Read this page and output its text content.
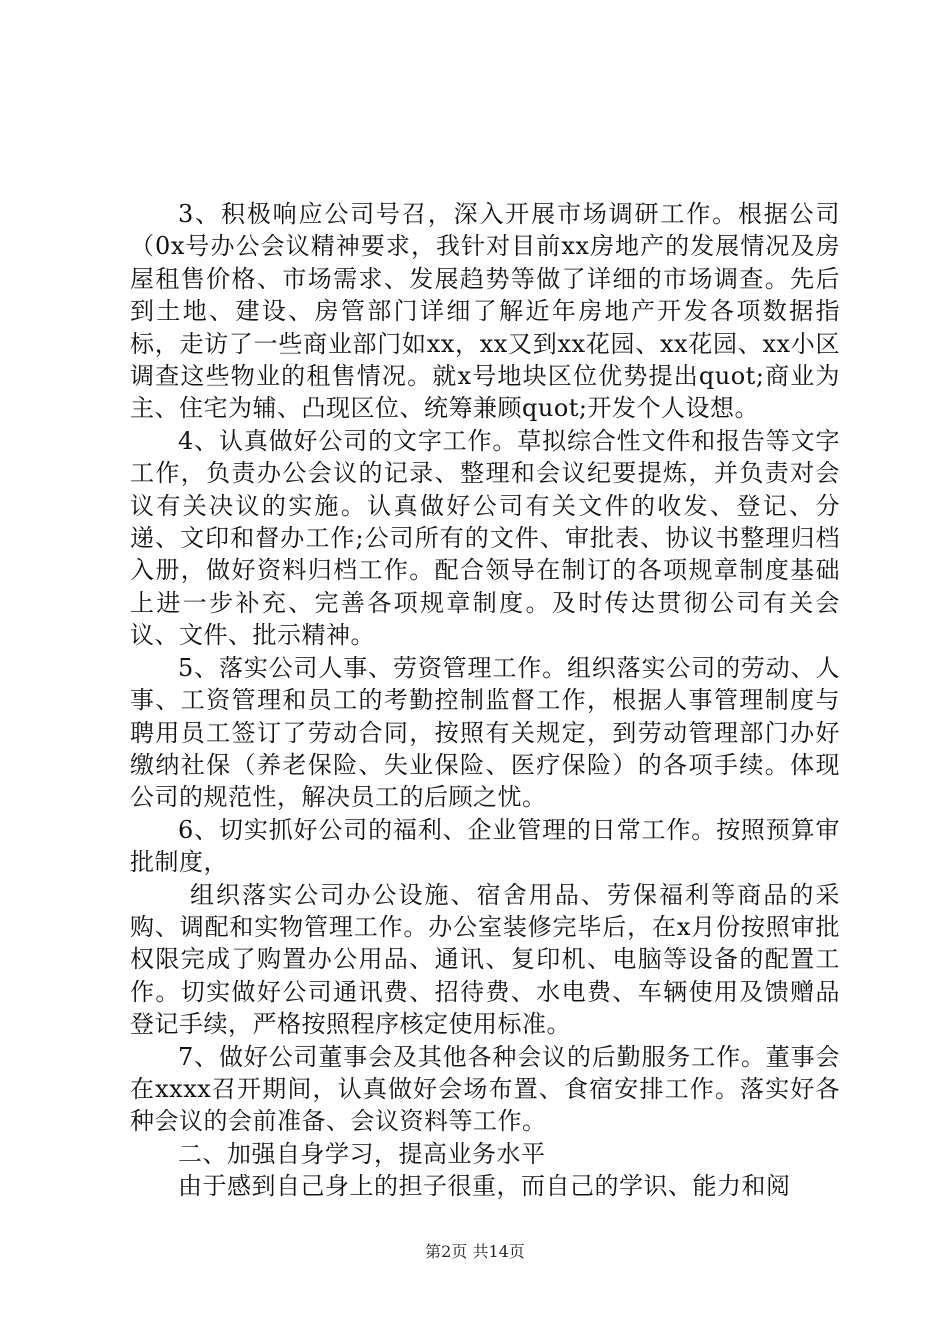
3、积极响应公司号召，深入开展市场调研工作。根据公司（0x号办公会议精神要求，我针对目前xx房地产的发展情况及房屋租售价格、市场需求、发展趋势等做了详细的市场调查。先后到土地、建设、房管部门详细了解近年房地产开发各项数据指标，走访了一些商业部门如xx，xx又到xx花园、xx花园、xx小区调查这些物业的租售情况。就x号地块区位优势提出quot;商业为主、住宅为辅、凸现区位、统筹兼顾quot;开发个人设想。

4、认真做好公司的文字工作。草拟综合性文件和报告等文字工作，负责办公会议的记录、整理和会议纪要提炼，并负责对会议有关决议的实施。认真做好公司有关文件的收发、登记、分递、文印和督办工作;公司所有的文件、审批表、协议书整理归档入册，做好资料归档工作。配合领导在制订的各项规章制度基础上进一步补充、完善各项规章制度。及时传达贯彻公司有关会议、文件、批示精神。

5、落实公司人事、劳资管理工作。组织落实公司的劳动、人事、工资管理和员工的考勤控制监督工作，根据人事管理制度与聘用员工签订了劳动合同，按照有关规定，到劳动管理部门办好缴纳社保（养老保险、失业保险、医疗保险）的各项手续。体现公司的规范性，解决员工的后顾之忧。

6、切实抓好公司的福利、企业管理的日常工作。按照预算审批制度，

组织落实公司办公设施、宿舍用品、劳保福利等商品的采购、调配和实物管理工作。办公室装修完毕后，在x月份按照审批权限完成了购置办公用品、通讯、复印机、电脑等设备的配置工作。切实做好公司通讯费、招待费、水电费、车辆使用及馈赠品登记手续，严格按照程序核定使用标准。

7、做好公司董事会及其他各种会议的后勤服务工作。董事会在xxxx召开期间，认真做好会场布置、食宿安排工作。落实好各种会议的会前准备、会议资料等工作。

二、加强自身学习，提高业务水平

由于感到自己身上的担子很重，而自己的学识、能力和阅

第2页 共14页
